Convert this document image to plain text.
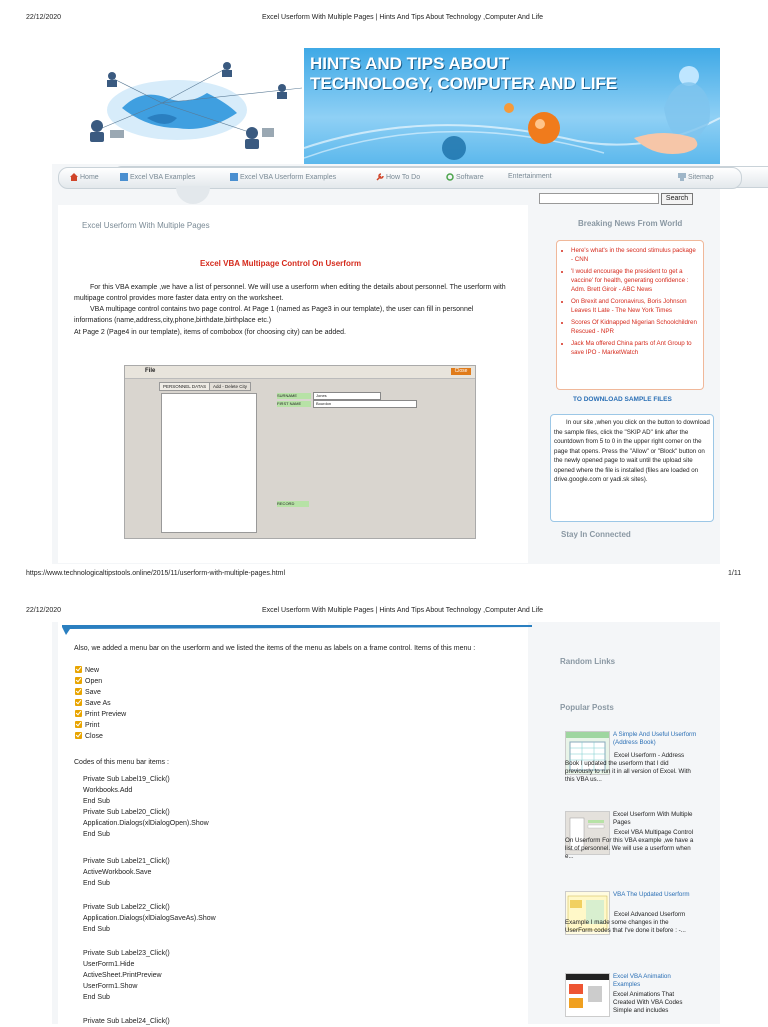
22/12/2020	Excel Userform With Multiple Pages | Hints And Tips About Technology ,Computer And Life
HINTS AND TIPS ABOUT
TECHNOLOGY, COMPUTER AND LIFE
Home	Excel VBA Examples	Excel VBA Userform Examples	How To Do	Software	Entertainment	Sitemap
Excel Userform With Multiple Pages
Excel VBA Multipage Control On Userform
For this VBA example ,we have a list of personnel. We will use a userform when editing the details about personnel. The userform with multipage control provides more faster data entry on the worksheet.
VBA multipage control contains two page control. At Page 1 (named as Page3 in our template), the user can fill in personnel informations (name,address,city,phone,birthdate,birthplace etc.)
At Page 2 (Page4 in our template), items of combobox (for choosing city) can be added.
File	Close
PERSONNEL DATAS	Add - Delete City
SURNAME	Jones
FIRST NAME	Bourdon
RECORD
Search
Breaking News From World
• Here's what's in the second stimulus package - CNN
• 'I would encourage the president to get a vaccine' for health, generating confidence : Adm. Brett Giroir - ABC News
• On Brexit and Coronavirus, Boris Johnson Leaves It Late - The New York Times
• Scores Of Kidnapped Nigerian Schoolchildren Rescued - NPR
• Jack Ma offered China parts of Ant Group to save IPO - MarketWatch
TO DOWNLOAD SAMPLE FILES
In our site ,when you click on the button to download the sample files, click the "SKIP AD" link after the countdown from 5 to 0 in the upper right corner on the page that opens. Press the "Allow" or "Block" button on the newly opened page to wait until the upload site opened where the file is installed (files are loaded on drive.google.com or yadi.sk sites).
Stay In Connected
https://www.technologicaltipstools.online/2015/11/userform-with-multiple-pages.html	1/11
22/12/2020	Excel Userform With Multiple Pages | Hints And Tips About Technology ,Computer And Life
Also, we added a menu bar on the userform and we listed the items of the menu as labels on a frame control. Items of this menu :
New
Open
Save
Save As
Print Preview
Print
Close
Codes of this menu bar items :
Private Sub Label19_Click()
Workbooks.Add
End Sub
Private Sub Label20_Click()
Application.Dialogs(xlDialogOpen).Show
End Sub
Private Sub Label21_Click()
ActiveWorkbook.Save
End Sub
Private Sub Label22_Click()
Application.Dialogs(xlDialogSaveAs).Show
End Sub
Private Sub Label23_Click()
UserForm1.Hide
ActiveSheet.PrintPreview
UserForm1.Show
End Sub
Private Sub Label24_Click()
Random Links
Popular Posts
A Simple And Useful Userform (Address Book)
Excel Userform - Address Book I updated the userform that I did previously to run it in all version of Excel. With this VBA us...
Excel Userform With Multiple Pages
Excel VBA Multipage Control On Userform For this VBA example ,we have a list of personnel. We will use a userform when e...
VBA The Updated Userform
Excel Advanced Userform Example I made some changes in the UserForm codes that I've done it before : -...
Excel VBA Animation Examples
Excel Animations That Created With VBA Codes Simple and includes
